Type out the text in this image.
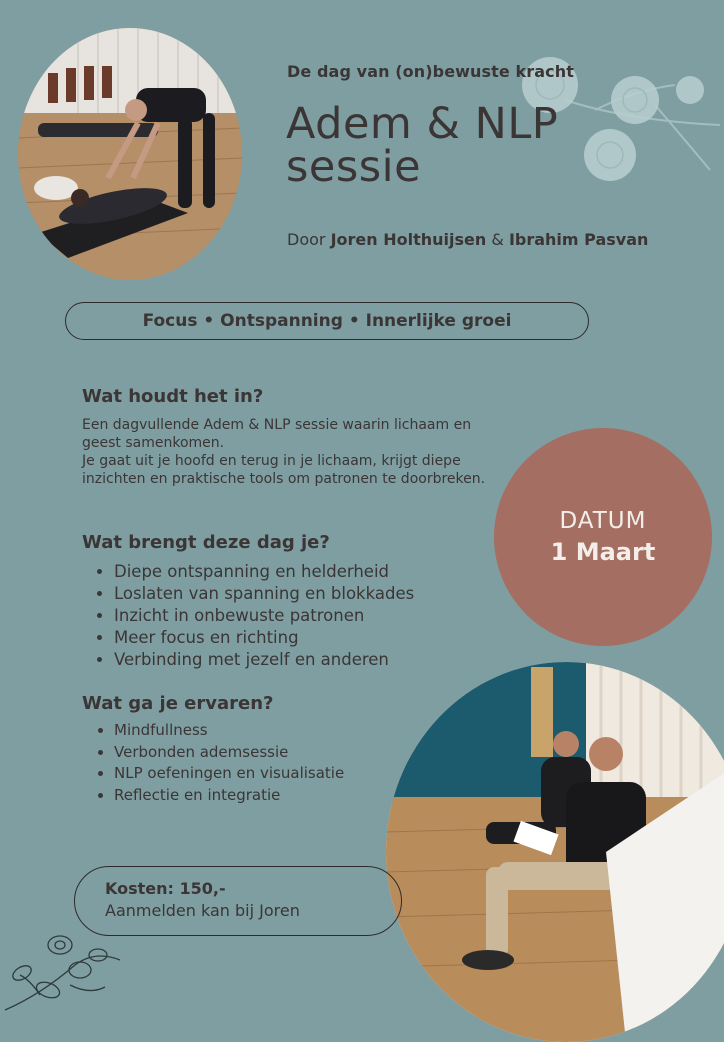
De dag van (on)bewuste kracht
Adem & NLP
sessie
Door Joren Holthuijsen & Ibrahim Pasvan
Focus • Ontspanning • Innerlijke groei
Wat houdt het in?

Een dagvullende Adem & NLP sessie waarin lichaam en geest samenkomen.

Je gaat uit je hoofd en terug in je lichaam, krijgt diepe inzichten en praktische tools om patronen te doorbreken.

Wat brengt deze dag je?
• Diepe ontspanning en helderheid
• Loslaten van spanning en blokkades
• Inzicht in onbewuste patronen
• Meer focus en richting
• Verbinding met jezelf en anderen
Wat ga je ervaren?
• Mindfullness
• Verbonden ademsessie
• NLP oefeningen en visualisatie
• Reflectie en integratie
DATUM
1 Maart
Kosten: 150,-
Aanmelden kan bij Joren
